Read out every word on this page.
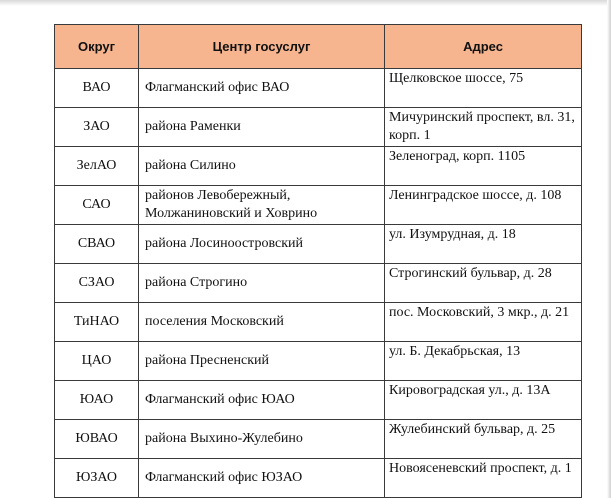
Округ	Центр госуслуг	Адрес
ВАО	Флагманский офис ВАО	Щелковское шоссе, 75
ЗАО	района Раменки	Мичуринский проспект, вл. 31, корп. 1
ЗелАО	района Силино	Зеленоград, корп. 1105
САО	районов Левобережный, Молжаниновский и Ховрино	Ленинградское шоссе, д. 108
СВАО	района Лосиноостровский	ул. Изумрудная, д. 18
СЗАО	района Строгино	Строгинский бульвар, д. 28
ТиНАО	поселения Московский	пос. Московский, 3 мкр., д. 21
ЦАО	района Пресненский	ул. Б. Декабрьская, 13
ЮАО	Флагманский офис ЮАО	Кировоградская ул., д. 13А
ЮВАО	района Выхино-Жулебино	Жулебинский бульвар, д. 25
ЮЗАО	Флагманский офис ЮЗАО	Новоясеневский проспект, д. 1
